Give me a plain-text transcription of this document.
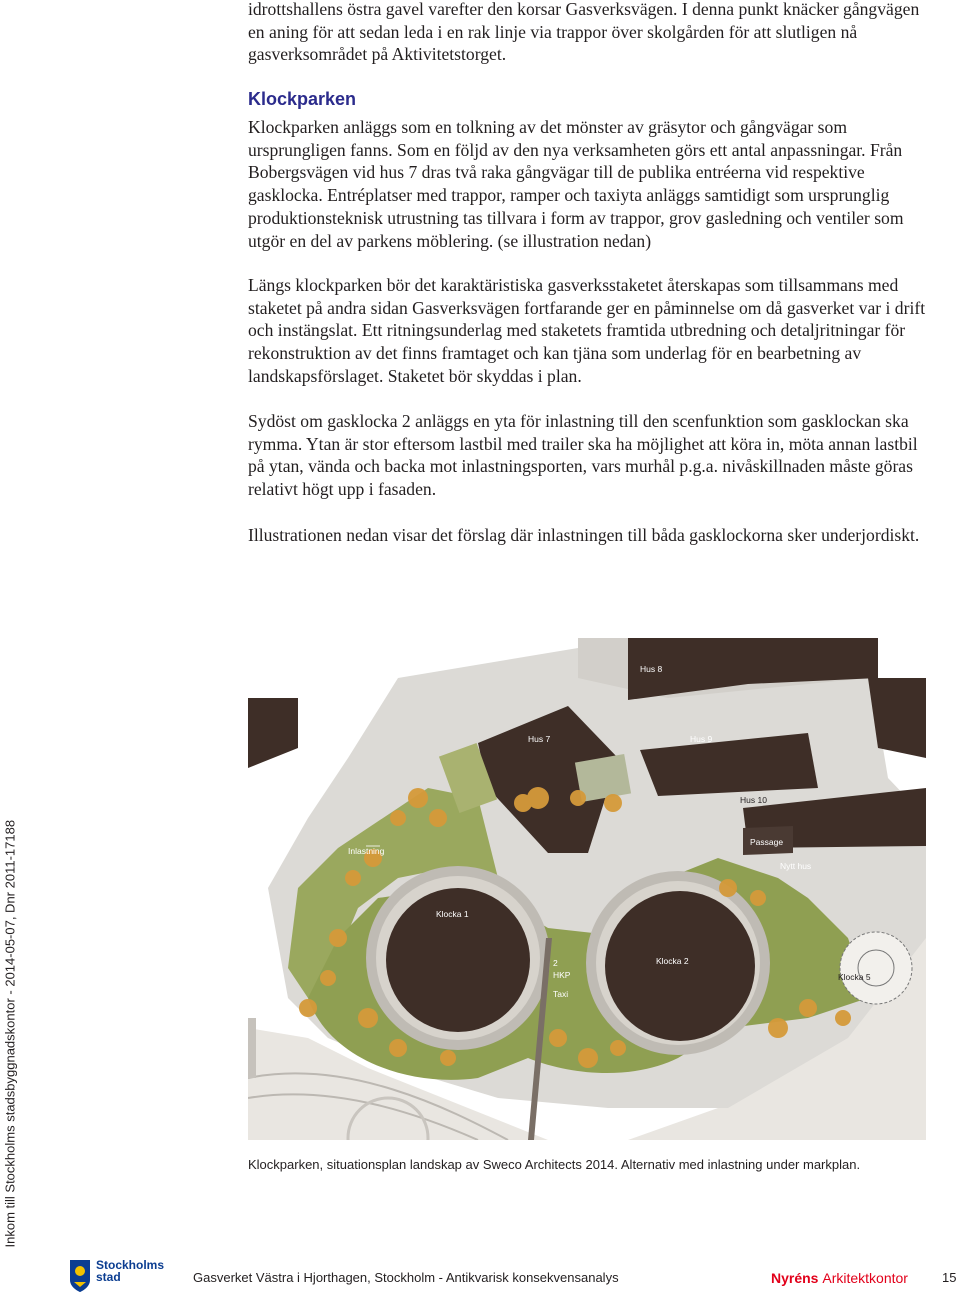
idrottshallens östra gavel varefter den korsar Gasverksvägen. I denna punkt knäcker gångvägen en aning för att sedan leda i en rak linje via trappor över skolgården för att slutligen nå gasverksområdet på Aktivitetstorget.

Klockparken

Klockparken anläggs som en tolkning av det mönster av gräsytor och gångvägar som ursprungligen fanns. Som en följd av den nya verksamheten görs ett antal anpassningar. Från Bobergsvägen vid hus 7 dras två raka gångvägar till de publika entréerna vid respektive gasklocka. Entréplatser med trappor, ramper och taxiyta anläggs samtidigt som ursprunglig produktionsteknisk utrustning tas tillvara i form av trappor, grov gasledning och ventiler som utgör en del av parkens möblering. (se illustration nedan)

Längs klockparken bör det karaktäristiska gasverksstaketet återskapas som tillsammans med staketet på andra sidan Gasverksvägen fortfarande ger en påminnelse om då gasverket var i drift och instängslat. Ett ritningsunderlag med staketets framtida utbredning och detaljritningar för rekonstruktion av det finns framtaget och kan tjäna som underlag för en bearbetning av landskapsförslaget. Staketet bör skyddas i plan.

Sydöst om gasklocka 2 anläggs en yta för inlastning till den scenfunktion som gasklockan ska rymma. Ytan är stor eftersom lastbil med trailer ska ha möjlighet att köra in, möta annan lastbil på ytan, vända och backa mot inlastningsporten, vars murhål p.g.a. nivåskillnaden måste göras relativt högt upp i fasaden.

Illustrationen nedan visar det förslag där inlastningen till båda gasklockorna sker underjordiskt.

Hus 8
Hus 7	Hus 9
Hus 10
Passage
Nytt hus
Inlastning
Klocka 1
Klocka 2
Klocka 5
2
HKP
Taxi
Klockparken, situationsplan landskap av Sweco Architects 2014. Alternativ med inlastning under markplan.
Inkom till Stockholms stadsbyggnadskontor - 2014-05-07, Dnr 2011-17188
Stockholms
stad	Gasverket Västra i Hjorthagen, Stockholm - Antikvarisk konsekvensanalys	Nyréns Arkitektkontor	15
